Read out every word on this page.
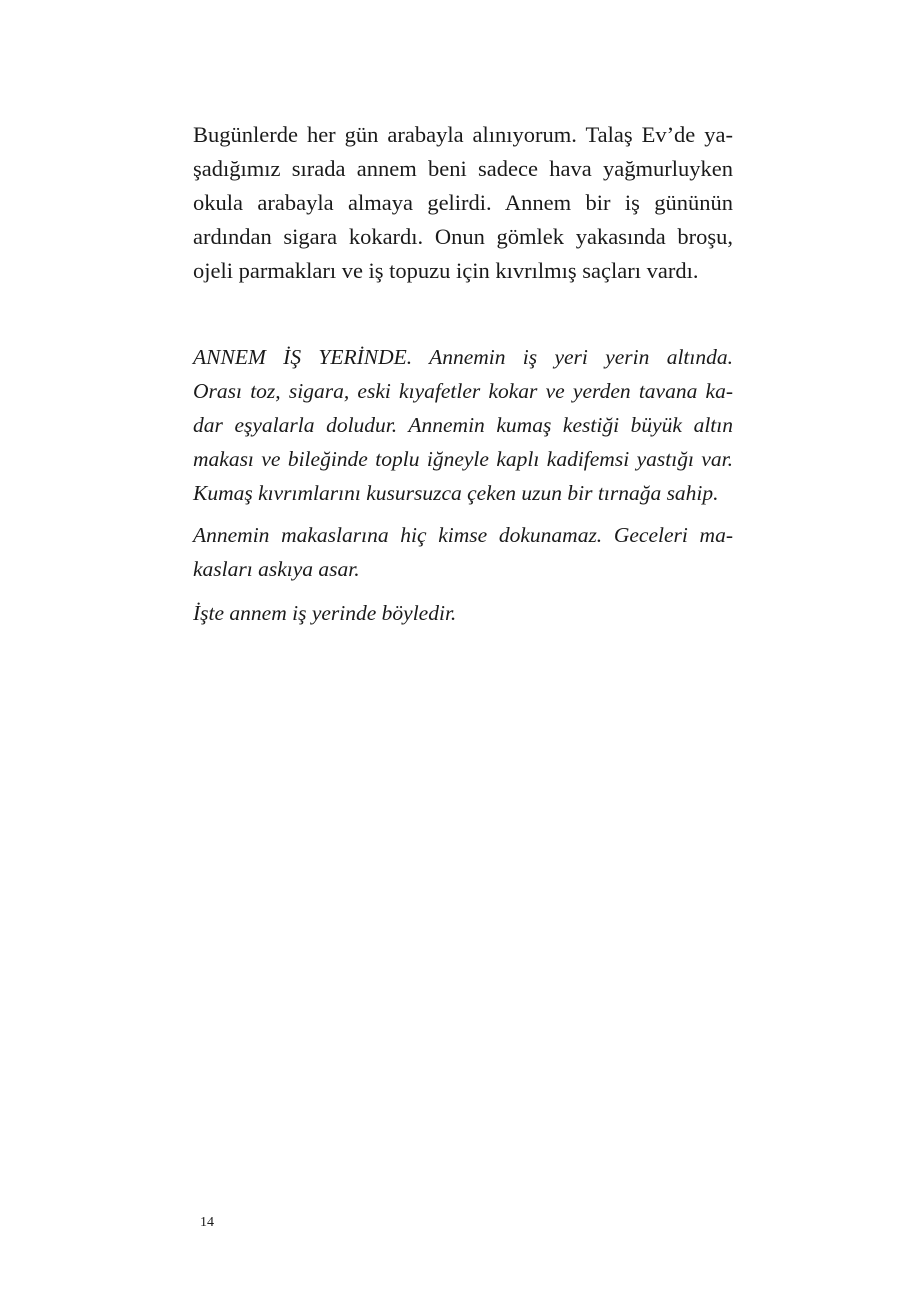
Bugünlerde her gün arabayla alınıyorum. Talaş Ev’de ya-
şadığımız sırada annem beni sadece hava yağmurluyken
okula arabayla almaya gelirdi. Annem bir iş gününün
ardından sigara kokardı. Onun gömlek yakasında broşu,
ojeli parmakları ve iş topuzu için kıvrılmış saçları vardı.
ANNEM İŞ YERİNDE. Annemin iş yeri yerin altında.
Orası toz, sigara, eski kıyafetler kokar ve yerden tavana ka-
dar eşyalarla doludur. Annemin kumaş kestiği büyük altın
makası ve bileğinde toplu iğneyle kaplı kadifemsi yastığı var.
Kumaş kıvrımlarını kusursuzca çeken uzun bir tırnağa sahip.
Annemin makaslarına hiç kimse dokunamaz. Geceleri ma-
kasları askıya asar.
İşte annem iş yerinde böyledir.
14
